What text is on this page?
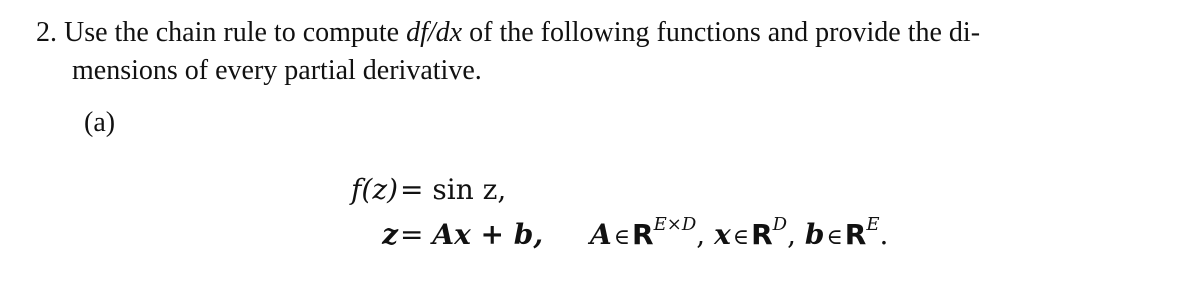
2. Use the chain rule to compute df/dx of the following functions and provide the di-
mensions of every partial derivative.
(a)
f(z) = sin z,
z = Ax + b, $A\in R^{E\times D}$, $x\in R^D$, $b\in R^E$.
